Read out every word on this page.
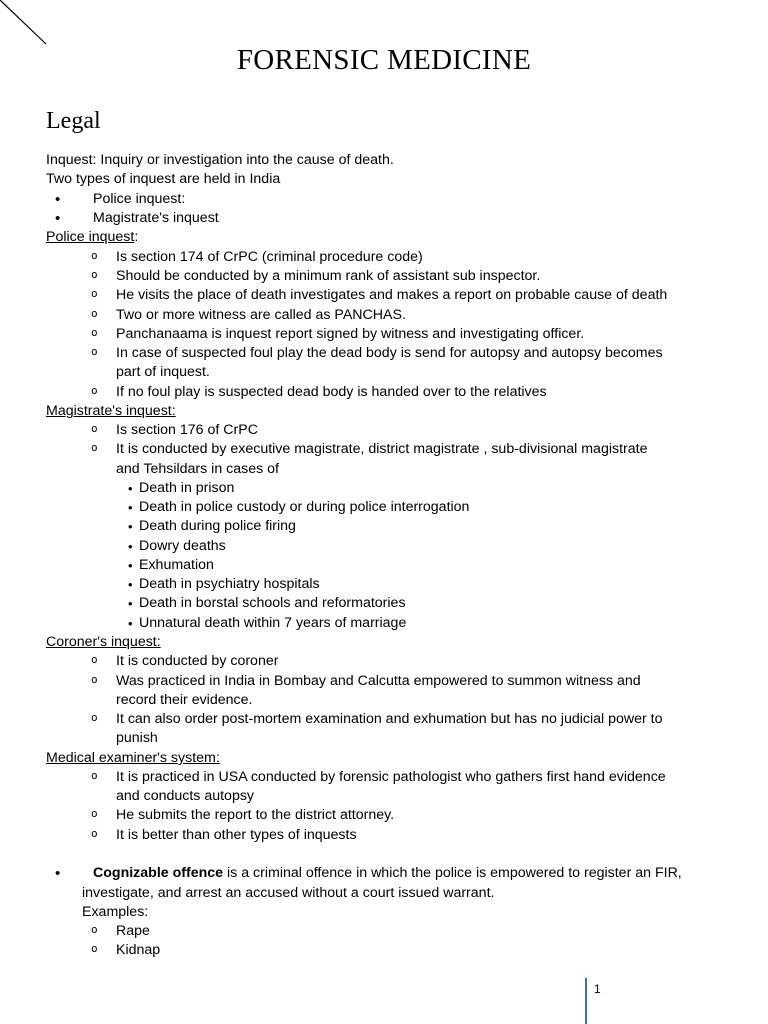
FORENSIC MEDICINE
Legal
Inquest: Inquiry or investigation into the cause of death.
Two types of inquest are held in India
• Police inquest:
• Magistrate's inquest
Police inquest:
o Is section 174 of CrPC (criminal procedure code)
o Should be conducted by a minimum rank of assistant sub inspector.
o He visits the place of death investigates and makes a report on probable cause of death
o Two or more witness are called as PANCHAS.
o Panchanaama is inquest report signed by witness and investigating officer.
o In case of suspected foul play the dead body is send for autopsy and autopsy becomes
part of inquest.
o If no foul play is suspected dead body is handed over to the relatives
Magistrate's inquest:
o Is section 176 of CrPC
o It is conducted by executive magistrate, district magistrate , sub-divisional magistrate
and Tehsildars in cases of
• Death in prison
• Death in police custody or during police interrogation
• Death during police firing
• Dowry deaths
• Exhumation
• Death in psychiatry hospitals
• Death in borstal schools and reformatories
• Unnatural death within 7 years of marriage
Coroner's inquest:
o It is conducted by coroner
o Was practiced in India in Bombay and Calcutta empowered to summon witness and
record their evidence.
o It can also order post-mortem examination and exhumation but has no judicial power to
punish
Medical examiner's system:
o It is practiced in USA conducted by forensic pathologist who gathers first hand evidence
and conducts autopsy
o He submits the report to the district attorney.
o It is better than other types of inquests
• Cognizable offence is a criminal offence in which the police is empowered to register an FIR,
investigate, and arrest an accused without a court issued warrant.
Examples:
o Rape
o Kidnap
1
